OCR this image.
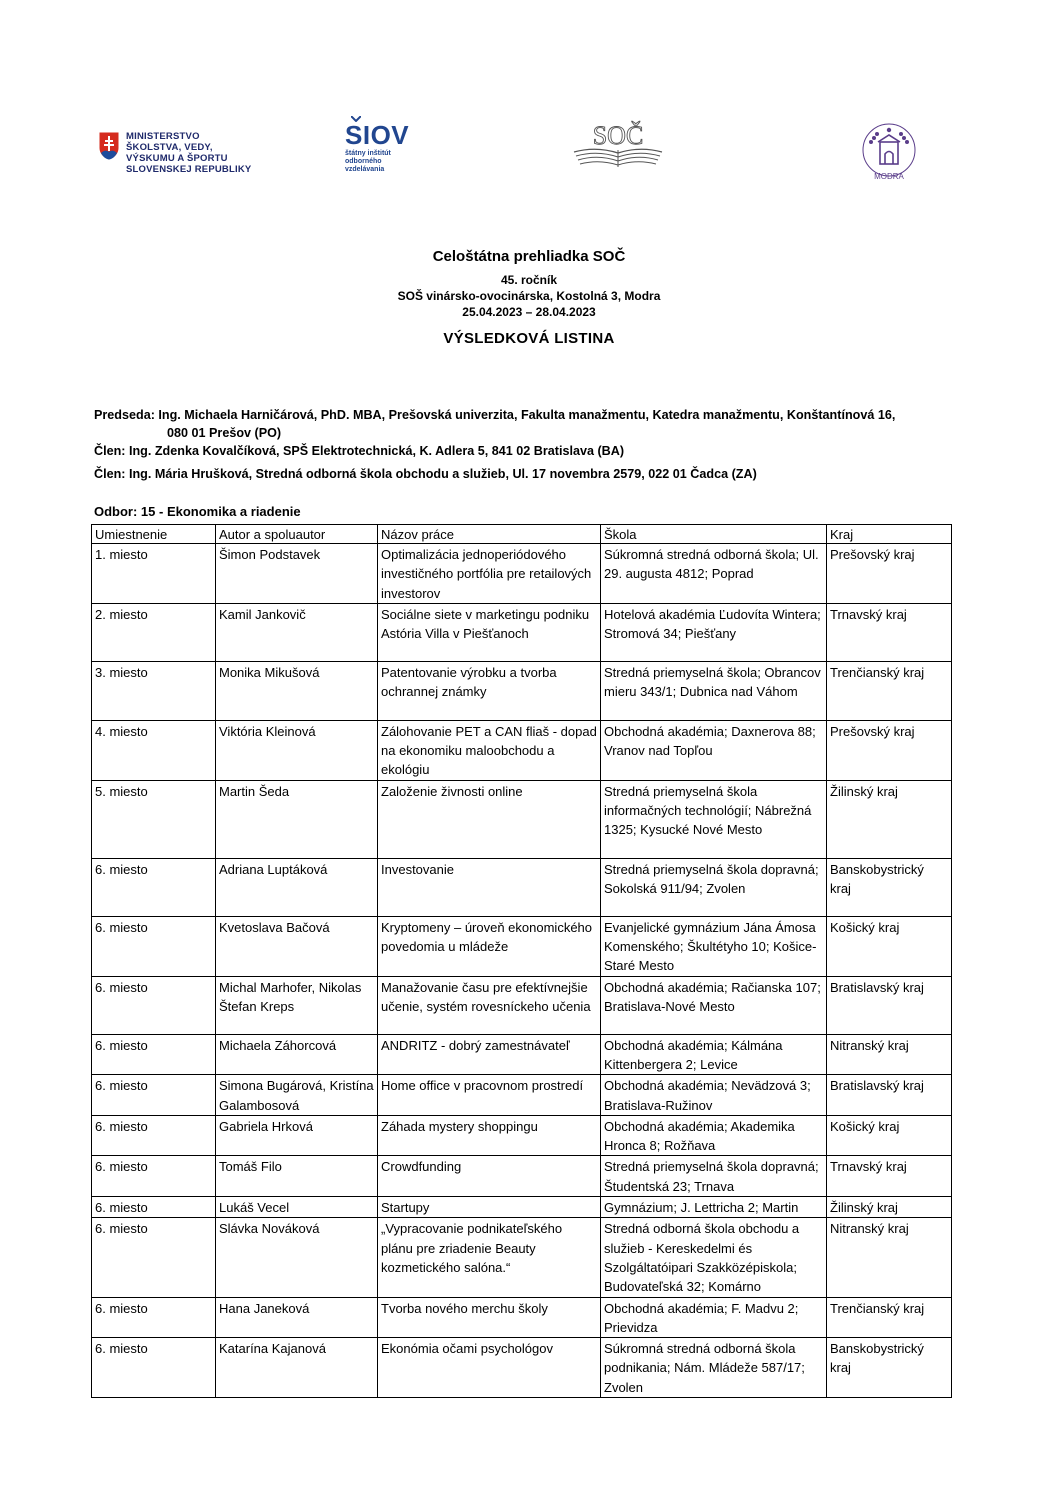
MINISTERSTVO
ŠKOLSTVA, VEDY,
VÝSKUMU A ŠPORTU
SLOVENSKEJ REPUBLIKY
SIOV
štátny inštitút
odborného
vzdelávania
SOČ
MODRA
Celoštátna prehliadka SOČ
45. ročník
SOŠ vinársko-ovocinárska, Kostolná 3, Modra
25.04.2023 – 28.04.2023
VÝSLEDKOVÁ LISTINA
Predseda: Ing. Michaela Harničárová, PhD. MBA, Prešovská univerzita, Fakulta manažmentu, Katedra manažmentu, Konštantínová 16,
080 01 Prešov (PO)
Člen: Ing. Zdenka Kovalčíková, SPŠ Elektrotechnická, K. Adlera 5, 841 02 Bratislava (BA)
Člen: Ing. Mária Hrušková, Stredná odborná škola obchodu a služieb, Ul. 17 novembra 2579, 022 01 Čadca (ZA)
Odbor: 15 - Ekonomika a riadenie
Umiestnenie	Autor a spoluautor	Názov práce	Škola	Kraj
1. miesto	Šimon Podstavek	Optimalizácia jednoperiódového investičného portfólia pre retailových investorov	Súkromná stredná odborná škola; Ul. 29. augusta 4812; Poprad	Prešovský kraj
2. miesto	Kamil Jankovič	Sociálne siete v marketingu podniku Astória Villa v Piešťanoch	Hotelová akadémia Ľudovíta Wintera; Stromová 34; Piešťany	Trnavský kraj
3. miesto	Monika Mikušová	Patentovanie výrobku a tvorba ochrannej známky	Stredná priemyselná škola; Obrancov mieru 343/1; Dubnica nad Váhom	Trenčianský kraj
4. miesto	Viktória Kleinová	Zálohovanie PET a CAN fliaš - dopad na ekonomiku maloobchodu a ekológiu	Obchodná akadémia; Daxnerova 88; Vranov nad Topľou	Prešovský kraj
5. miesto	Martin Šeda	Založenie živnosti online	Stredná priemyselná škola informačných technológií; Nábrežná 1325; Kysucké Nové Mesto	Žilinský kraj
6. miesto	Adriana Luptáková	Investovanie	Stredná priemyselná škola dopravná; Sokolská 911/94; Zvolen	Banskobystrický kraj
6. miesto	Kvetoslava Bačová	Kryptomeny – úroveň ekonomického povedomia u mládeže	Evanjelické gymnázium Jána Ámosa Komenského; Škultétyho 10; Košice-Staré Mesto	Košický kraj
6. miesto	Michal Marhofer, Nikolas Štefan Kreps	Manažovanie času pre efektívnejšie učenie, systém rovesníckeho učenia	Obchodná akadémia; Račianska 107; Bratislava-Nové Mesto	Bratislavský kraj
6. miesto	Michaela Záhorcová	ANDRITZ - dobrý zamestnávateľ	Obchodná akadémia; Kálmána Kittenbergera 2; Levice	Nitranský kraj
6. miesto	Simona Bugárová, Kristína Galambosová	Home office v pracovnom prostredí	Obchodná akadémia; Nevädzová 3; Bratislava-Ružinov	Bratislavský kraj
6. miesto	Gabriela Hrková	Záhada mystery shoppingu	Obchodná akadémia; Akademika Hronca 8; Rožňava	Košický kraj
6. miesto	Tomáš Filo	Crowdfunding	Stredná priemyselná škola dopravná; Študentská 23; Trnava	Trnavský kraj
6. miesto	Lukáš Vecel	Startupy	Gymnázium; J. Lettricha 2; Martin	Žilinský kraj
6. miesto	Slávka Nováková	„Vypracovanie podnikateľského plánu pre zriadenie Beauty kozmetického salóna.“	Stredná odborná škola obchodu a služieb - Kereskedelmi és Szolgáltatóipari Szakközépiskola; Budovateľská 32; Komárno	Nitranský kraj
6. miesto	Hana Janeková	Tvorba nového merchu školy	Obchodná akadémia; F. Madvu 2; Prievidza	Trenčianský kraj
6. miesto	Katarína Kajanová	Ekonómia očami psychológov	Súkromná stredná odborná škola podnikania; Nám. Mládeže 587/17; Zvolen	Banskobystrický kraj
